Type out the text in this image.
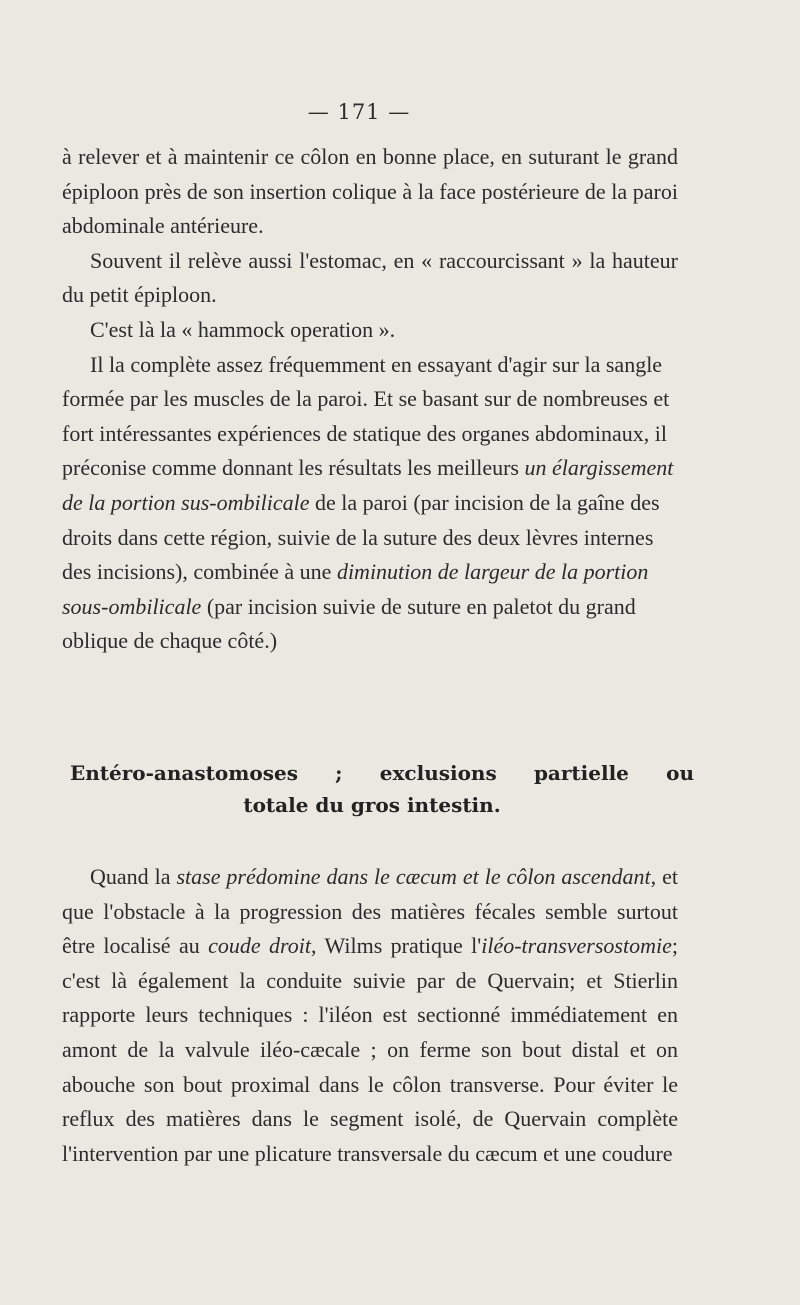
— 171 —

à relever et à maintenir ce côlon en bonne place, en suturant le grand épiploon près de son insertion colique à la face postérieure de la paroi abdominale antérieure.

Souvent il relève aussi l'estomac, en « raccourcissant » la hauteur du petit épiploon.

C'est là la « hammock operation ».

Il la complète assez fréquemment en essayant d'agir sur la sangle formée par les muscles de la paroi. Et se basant sur de nombreuses et fort intéressantes expériences de statique des organes abdominaux, il préconise comme donnant les résultats les meilleurs un élargissement de la portion sus-ombilicale de la paroi (par incision de la gaîne des droits dans cette région, suivie de la suture des deux lèvres internes des incisions), combinée à une diminution de largeur de la portion sous-ombilicale (par incision suivie de suture en paletot du grand oblique de chaque côté.)

Entéro-anastomoses ; exclusions partielle ou
totale du gros intestin.

Quand la stase prédomine dans le cæcum et le côlon ascendant, et que l'obstacle à la progression des matières fécales semble surtout être localisé au coude droit, Wilms pratique l'iléo-transversostomie; c'est là également la conduite suivie par de Quervain; et Stierlin rapporte leurs techniques : l'iléon est sectionné immédiatement en amont de la valvule iléo-cæcale ; on ferme son bout distal et on abouche son bout proximal dans le côlon transverse. Pour éviter le reflux des matières dans le segment isolé, de Quervain complète l'intervention par une plicature transversale du cæcum et une coudure
